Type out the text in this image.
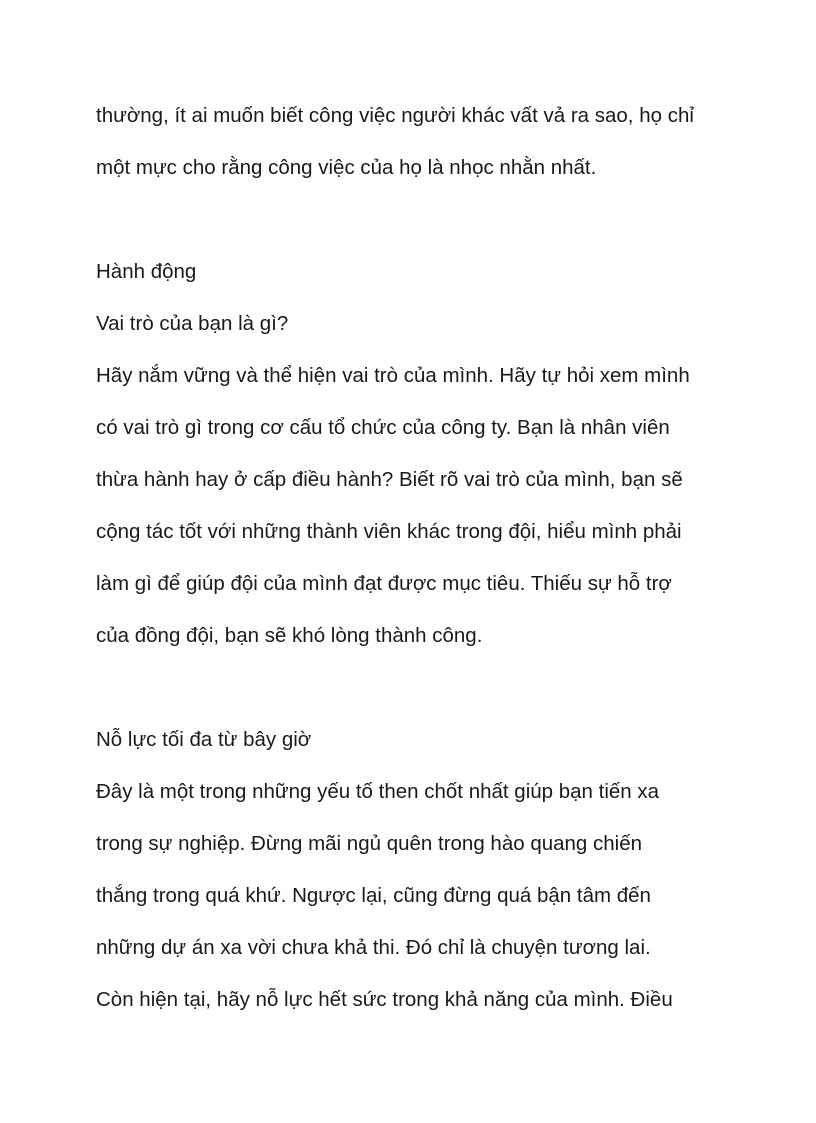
thường, ít ai muốn biết công việc người khác vất vả ra sao, họ chỉ

một mực cho rằng công việc của họ là nhọc nhằn nhất.

Hành động

Vai trò của bạn là gì?

Hãy nắm vững và thể hiện vai trò của mình. Hãy tự hỏi xem mình

có vai trò gì trong cơ cấu tổ chức của công ty. Bạn là nhân viên

thừa hành hay ở cấp điều hành? Biết rõ vai trò của mình, bạn sẽ

cộng tác tốt với những thành viên khác trong đội, hiểu mình phải

làm gì để giúp đội của mình đạt được mục tiêu. Thiếu sự hỗ trợ

của đồng đội, bạn sẽ khó lòng thành công.

Nỗ lực tối đa từ bây giờ

Đây là một trong những yếu tố then chốt nhất giúp bạn tiến xa

trong sự nghiệp. Đừng mãi ngủ quên trong hào quang chiến

thắng trong quá khứ. Ngược lại, cũng đừng quá bận tâm đến

những dự án xa vời chưa khả thi. Đó chỉ là chuyện tương lai.

Còn hiện tại, hãy nỗ lực hết sức trong khả năng của mình. Điều
